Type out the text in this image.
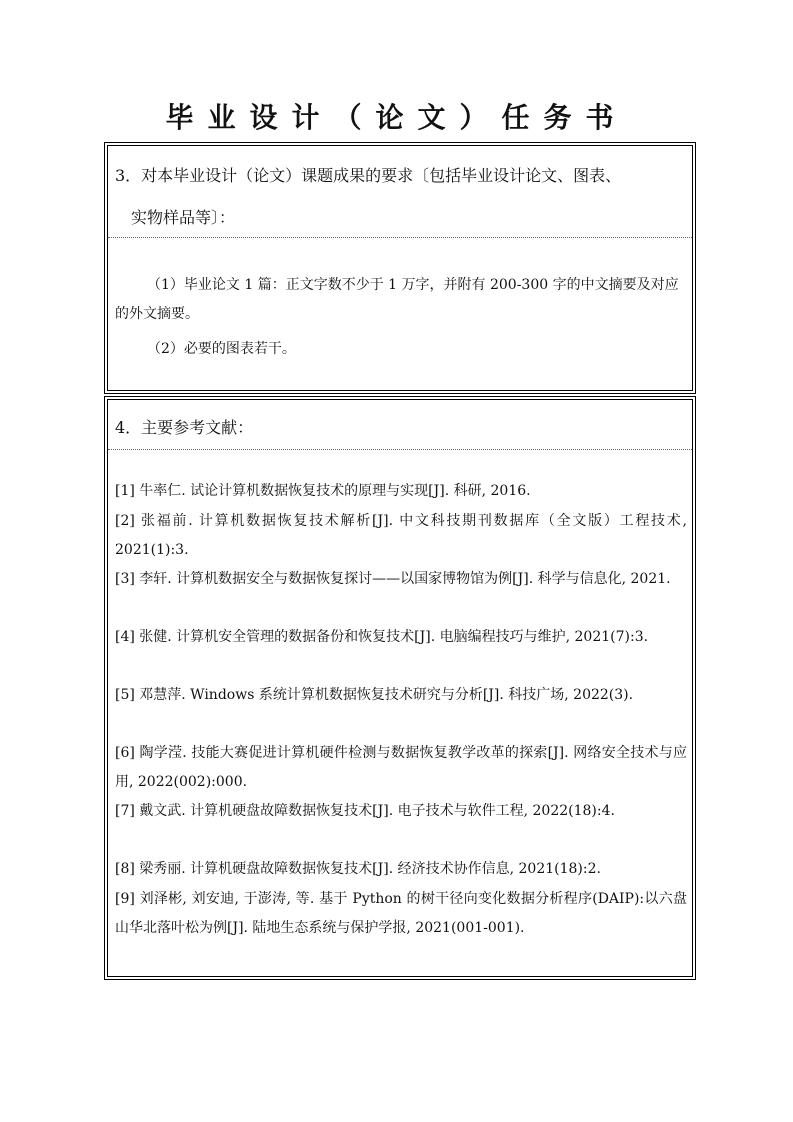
毕业设计（论文）任务书
3．对本毕业设计（论文）课题成果的要求〔包括毕业设计论文、图表、
实物样品等〕：
（1）毕业论文 1 篇：正文字数不少于 1 万字，并附有 200-300 字的中文摘要及对应的外文摘要。
（2）必要的图表若干。
4．主要参考文献：
[1] 牛率仁. 试论计算机数据恢复技术的原理与实现[J]. 科研, 2016.
[2] 张福前. 计算机数据恢复技术解析[J]. 中文科技期刊数据库（全文版）工程技术, 2021(1):3.
[3] 李轩. 计算机数据安全与数据恢复探讨——以国家博物馆为例[J]. 科学与信息化, 2021.
[4] 张健. 计算机安全管理的数据备份和恢复技术[J]. 电脑编程技巧与维护, 2021(7):3.
[5] 邓慧萍. Windows 系统计算机数据恢复技术研究与分析[J]. 科技广场, 2022(3).
[6] 陶学滢. 技能大赛促进计算机硬件检测与数据恢复教学改革的探索[J]. 网络安全技术与应用, 2022(002):000.
[7] 戴文武. 计算机硬盘故障数据恢复技术[J]. 电子技术与软件工程, 2022(18):4.
[8] 梁秀丽. 计算机硬盘故障数据恢复技术[J]. 经济技术协作信息, 2021(18):2.
[9] 刘泽彬, 刘安迪, 于澎涛, 等. 基于 Python 的树干径向变化数据分析程序(DAIP):以六盘山华北落叶松为例[J]. 陆地生态系统与保护学报, 2021(001-001).
